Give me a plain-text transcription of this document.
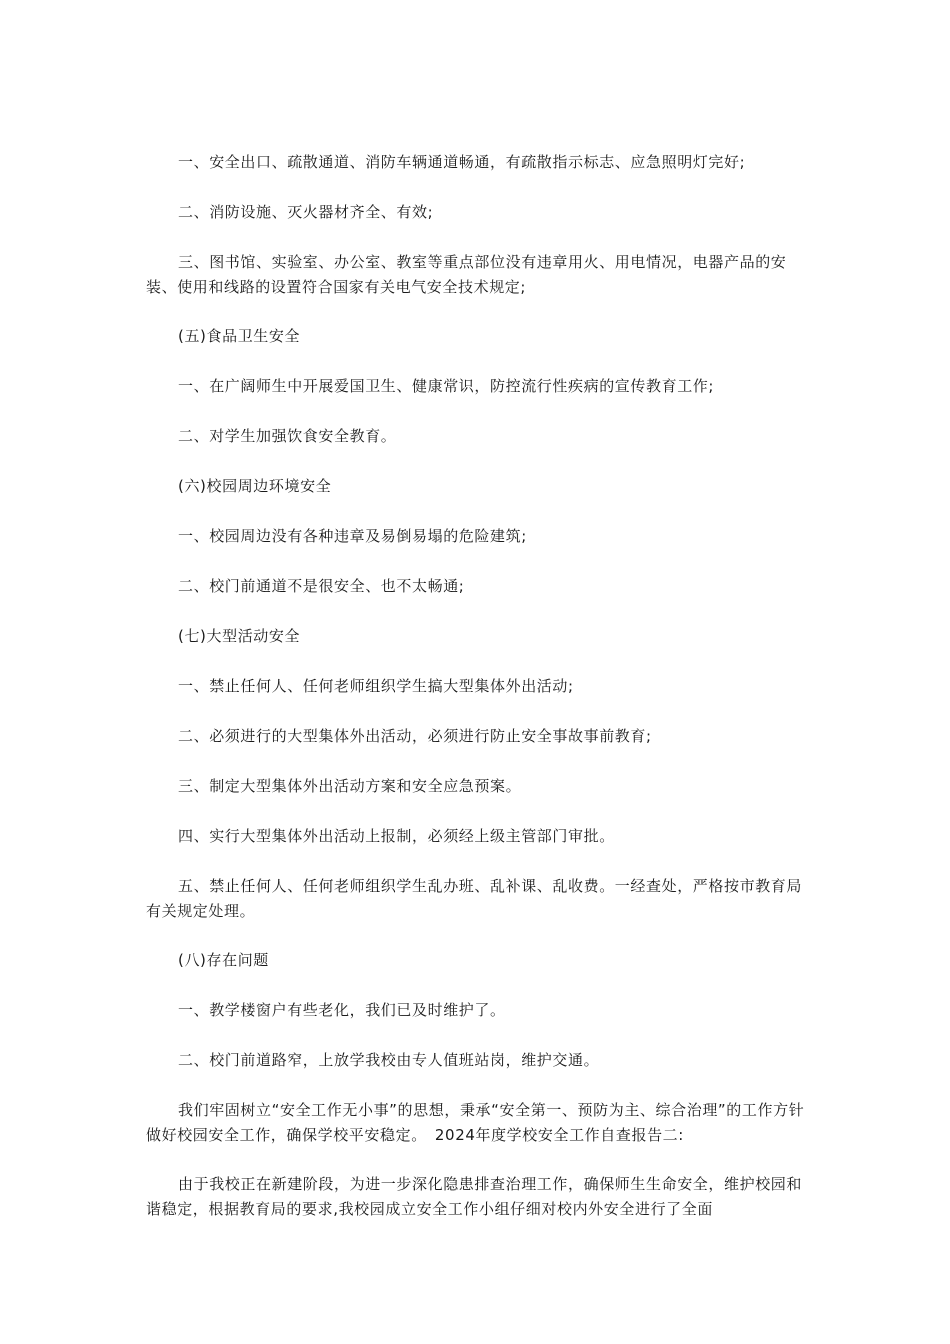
一、安全出口、疏散通道、消防车辆通道畅通，有疏散指示标志、应急照明灯完好;

二、消防设施、灭火器材齐全、有效;

三、图书馆、实验室、办公室、教室等重点部位没有违章用火、用电情况，电器产品的安装、使用和线路的设置符合国家有关电气安全技术规定;

(五)食品卫生安全

一、在广阔师生中开展爱国卫生、健康常识，防控流行性疾病的宣传教育工作;

二、对学生加强饮食安全教育。

(六)校园周边环境安全

一、校园周边没有各种违章及易倒易塌的危险建筑;

二、校门前通道不是很安全、也不太畅通;

(七)大型活动安全

一、禁止任何人、任何老师组织学生搞大型集体外出活动;

二、必须进行的大型集体外出活动，必须进行防止安全事故事前教育;

三、制定大型集体外出活动方案和安全应急预案。

四、实行大型集体外出活动上报制，必须经上级主管部门审批。

五、禁止任何人、任何老师组织学生乱办班、乱补课、乱收费。一经查处，严格按市教育局有关规定处理。

(八)存在问题

一、教学楼窗户有些老化，我们已及时维护了。

二、校门前道路窄，上放学我校由专人值班站岗，维护交通。

我们牢固树立“安全工作无小事”的思想，秉承“安全第一、预防为主、综合治理”的工作方针做好校园安全工作，确保学校平安稳定。　2024年度学校安全工作自查报告二:

由于我校正在新建阶段，为进一步深化隐患排查治理工作，确保师生生命安全，维护校园和谐稳定，根据教育局的要求,我校园成立安全工作小组仔细对校内外安全进行了全面
